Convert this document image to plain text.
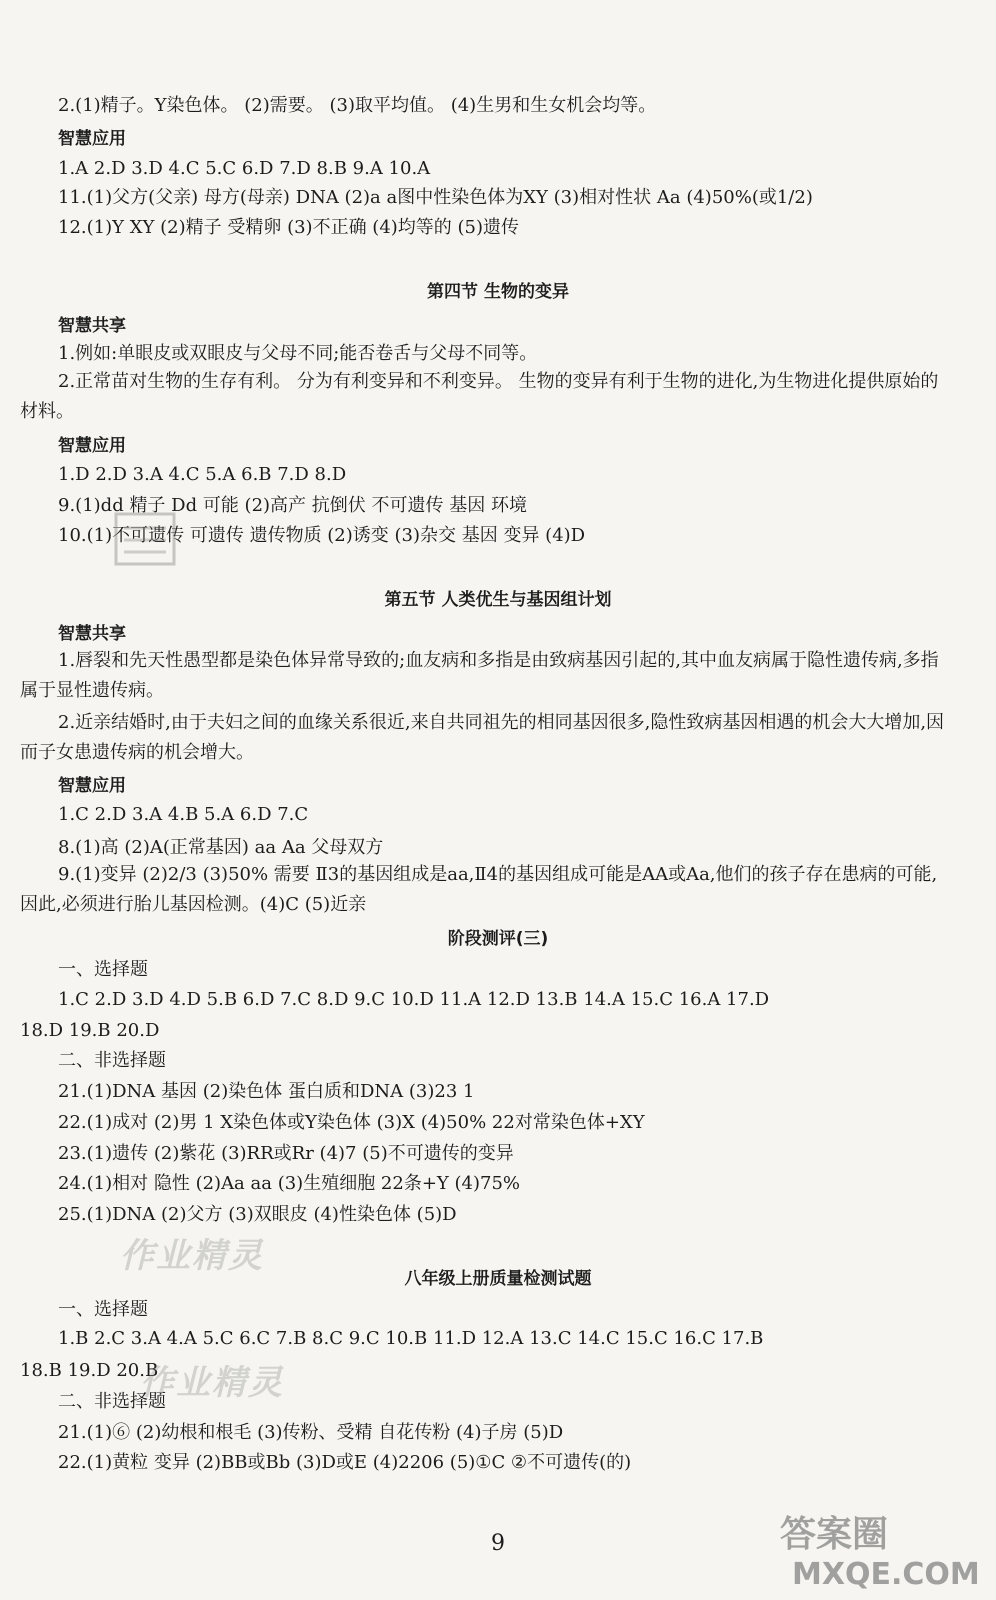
2.(1)精子。Y染色体。 (2)需要。 (3)取平均值。 (4)生男和生女机会均等。
智慧应用
1.A 2.D 3.D 4.C 5.C 6.D 7.D 8.B 9.A 10.A
11.(1)父方(父亲) 母方(母亲) DNA (2)a a图中性染色体为XY (3)相对性状 Aa (4)50%(或1/2)
12.(1)Y XY (2)精子 受精卵 (3)不正确 (4)均等的 (5)遗传
第四节 生物的变异
智慧共享
1.例如:单眼皮或双眼皮与父母不同;能否卷舌与父母不同等。
2.正常苗对生物的生存有利。 分为有利变异和不利变异。 生物的变异有利于生物的进化,为生物进化提供原始的材料。
智慧应用
1.D 2.D 3.A 4.C 5.A 6.B 7.D 8.D
9.(1)dd 精子 Dd 可能 (2)高产 抗倒伏 不可遗传 基因 环境
10.(1)不可遗传 可遗传 遗传物质 (2)诱变 (3)杂交 基因 变异 (4)D
第五节 人类优生与基因组计划
智慧共享
1.唇裂和先天性愚型都是染色体异常导致的;血友病和多指是由致病基因引起的,其中血友病属于隐性遗传病,多指属于显性遗传病。
2.近亲结婚时,由于夫妇之间的血缘关系很近,来自共同祖先的相同基因很多,隐性致病基因相遇的机会大大增加,因而子女患遗传病的机会增大。
智慧应用
1.C 2.D 3.A 4.B 5.A 6.D 7.C
8.(1)高 (2)A(正常基因) aa Aa 父母双方
9.(1)变异 (2)2/3 (3)50% 需要 Ⅱ3的基因组成是aa,Ⅱ4的基因组成可能是AA或Aa,他们的孩子存在患病的可能,因此,必须进行胎儿基因检测。(4)C (5)近亲
阶段测评(三)
一、选择题
1.C 2.D 3.D 4.D 5.B 6.D 7.C 8.D 9.C 10.D 11.A 12.D 13.B 14.A 15.C 16.A 17.D
18.D 19.B 20.D
二、非选择题
21.(1)DNA 基因 (2)染色体 蛋白质和DNA (3)23 1
22.(1)成对 (2)男 1 X染色体或Y染色体 (3)X (4)50% 22对常染色体+XY
23.(1)遗传 (2)紫花 (3)RR或Rr (4)7 (5)不可遗传的变异
24.(1)相对 隐性 (2)Aa aa (3)生殖细胞 22条+Y (4)75%
25.(1)DNA (2)父方 (3)双眼皮 (4)性染色体 (5)D
八年级上册质量检测试题
一、选择题
1.B 2.C 3.A 4.A 5.C 6.C 7.B 8.C 9.C 10.B 11.D 12.A 13.C 14.C 15.C 16.C 17.B
18.B 19.D 20.B
二、非选择题
21.(1)⑥ (2)幼根和根毛 (3)传粉、受精 自花传粉 (4)子房 (5)D
22.(1)黄粒 变异 (2)BB或Bb (3)D或E (4)2206 (5)①C ②不可遗传(的)
9
作业精灵
作业精灵
答案圈
MXQE.COM
